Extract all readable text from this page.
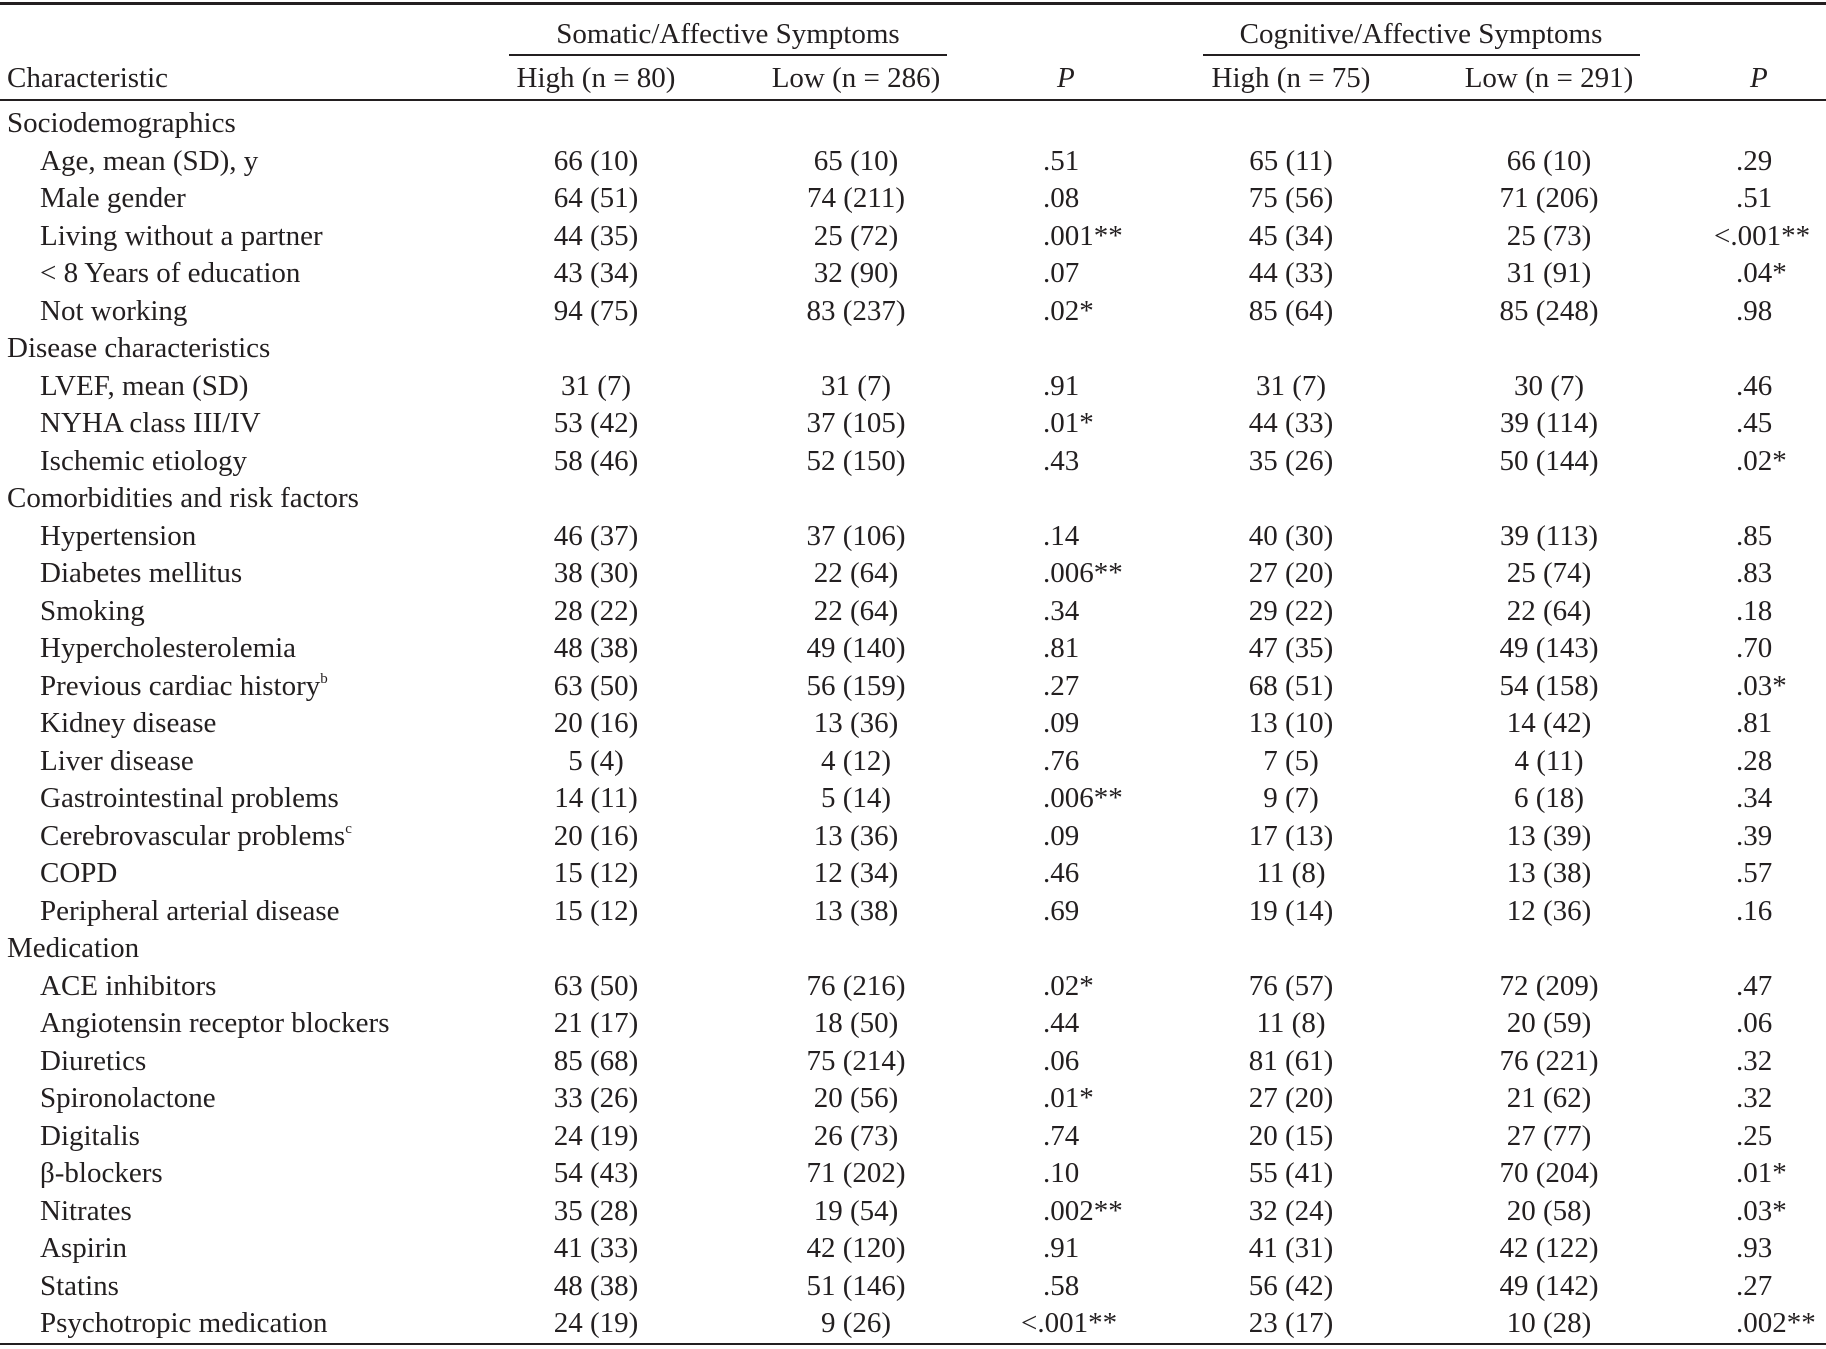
Somatic/Affective Symptoms	Cognitive/Affective Symptoms
Characteristic	High (n = 80)	Low (n = 286)	P	High (n = 75)	Low (n = 291)	P
Sociodemographics
Age, mean (SD), y	66 (10)	65 (10)	.51	65 (11)	66 (10)	.29
Male gender	64 (51)	74 (211)	.08	75 (56)	71 (206)	.51
Living without a partner	44 (35)	25 (72)	.001**	45 (34)	25 (73)	<.001**
< 8 Years of education	43 (34)	32 (90)	.07	44 (33)	31 (91)	.04*
Not working	94 (75)	83 (237)	.02*	85 (64)	85 (248)	.98
Disease characteristics
LVEF, mean (SD)	31 (7)	31 (7)	.91	31 (7)	30 (7)	.46
NYHA class III/IV	53 (42)	37 (105)	.01*	44 (33)	39 (114)	.45
Ischemic etiology	58 (46)	52 (150)	.43	35 (26)	50 (144)	.02*
Comorbidities and risk factors
Hypertension	46 (37)	37 (106)	.14	40 (30)	39 (113)	.85
Diabetes mellitus	38 (30)	22 (64)	.006**	27 (20)	25 (74)	.83
Smoking	28 (22)	22 (64)	.34	29 (22)	22 (64)	.18
Hypercholesterolemia	48 (38)	49 (140)	.81	47 (35)	49 (143)	.70
Previous cardiac history$^b$	63 (50)	56 (159)	.27	68 (51)	54 (158)	.03*
Kidney disease	20 (16)	13 (36)	.09	13 (10)	14 (42)	.81
Liver disease	5 (4)	4 (12)	.76	7 (5)	4 (11)	.28
Gastrointestinal problems	14 (11)	5 (14)	.006**	9 (7)	6 (18)	.34
Cerebrovascular problems$^c$	20 (16)	13 (36)	.09	17 (13)	13 (39)	.39
COPD	15 (12)	12 (34)	.46	11 (8)	13 (38)	.57
Peripheral arterial disease	15 (12)	13 (38)	.69	19 (14)	12 (36)	.16
Medication
ACE inhibitors	63 (50)	76 (216)	.02*	76 (57)	72 (209)	.47
Angiotensin receptor blockers	21 (17)	18 (50)	.44	11 (8)	20 (59)	.06
Diuretics	85 (68)	75 (214)	.06	81 (61)	76 (221)	.32
Spironolactone	33 (26)	20 (56)	.01*	27 (20)	21 (62)	.32
Digitalis	24 (19)	26 (73)	.74	20 (15)	27 (77)	.25
β-blockers	54 (43)	71 (202)	.10	55 (41)	70 (204)	.01*
Nitrates	35 (28)	19 (54)	.002**	32 (24)	20 (58)	.03*
Aspirin	41 (33)	42 (120)	.91	41 (31)	42 (122)	.93
Statins	48 (38)	51 (146)	.58	56 (42)	49 (142)	.27
Psychotropic medication	24 (19)	9 (26)	<.001**	23 (17)	10 (28)	.002**
